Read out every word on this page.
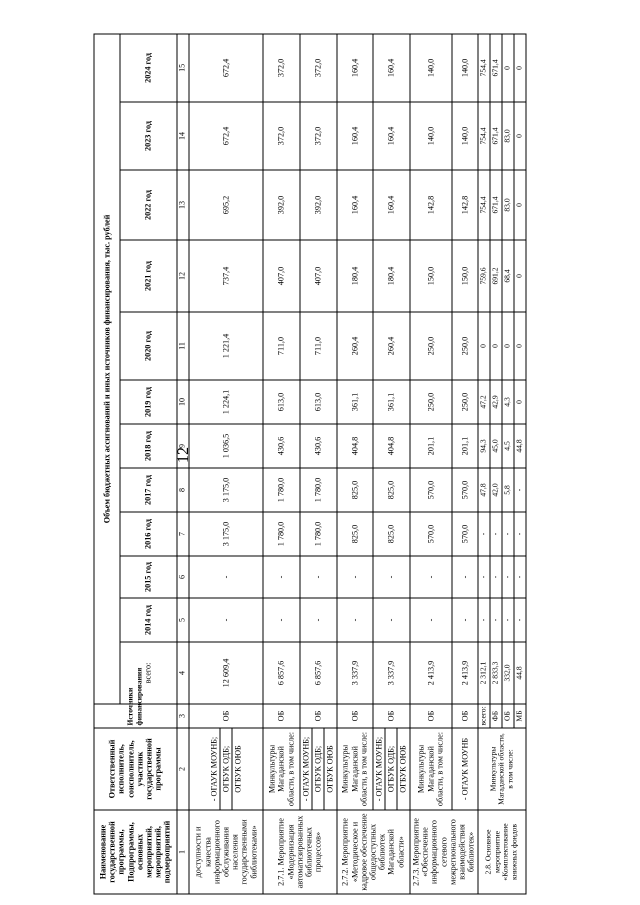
12
Наименование государственной программы, Подпрограммы, основных мероприятий, мероприятий, подмероприятий	Ответственный исполнитель, соисполнитель, участник государственной программы	Источники финансирования	Объем бюджетных ассигнований и иных источников финансирования, тыс. рублей											
			всего:	2014 год	2015 год	2016 год	2017 год	2018 год	2019 год	2020 год	2021 год	2022 год	2023 год	2024 год
1	2	3	4	5	6	7	8	9	10	11	12	13	14	15
доступности и качества информационного обслуживания населения государственными библиотеками»	- ОГАУК МОУНБ; ОГБУК ОДБ; ОГБУК ОЮБ	ОБ	12 609,4	-	-	3 175,0	3 175,0	1 036,5	1 224,1	1 221,4	737,4	695,2	672,4	672,4
2.7.1. Мероприятие «Модернизация автоматизированных библиотечных процессов»	Минкультуры Магаданской области, в том числе:	ОБ	6 857,6	-	-	1 780,0	1 780,0	430,6	613,0	711,0	407,0	392,0	372,0	372,0

	- ОГАУК МОУНБ; ОГБУК ОДБ; ОГБУК ОЮБ	ОБ	6 857,6	-	-	1 780,0	1 780,0	430,6	613,0	711,0	407,0	392,0	372,0	372,0
2.7.2. Мероприятие «Методическое и кадровое обеспечение общедоступных библиотек Магаданской области»	Минкультуры Магаданской области, в том числе:	ОБ	3 337,9	-	-	825,0	825,0	404,8	361,1	260,4	180,4	160,4	160,4	160,4

	- ОГАУК МОУНБ; ОГБУК ОДБ; ОГБУК ОЮБ	ОБ	3 337,9	-	-	825,0	825,0	404,8	361,1	260,4	180,4	160,4	160,4	160,4
2.7.3. Мероприятие «Обеспечение информационного сетевого межрегионального взаимодействия библиотек»	Минкультуры Магаданской области, в том числе:	ОБ	2 413,9	-	-	570,0	570,0	201,1	250,0	250,0	150,0	142,8	140,0	140,0
	- ОГАУК МОУНБ	ОБ	2 413,9	-	-	570,0	570,0	201,1	250,0	250,0	150,0	142,8	140,0	140,0
2.8. Основное мероприятие «Комплектование книжных фондов	Минкультуры Магаданской области, в том числе:	всего:	2 312,1	-	-	-	47,8	94,3	47,2	0	759,6	754,4	754,4	754,4
		ФБ	2 833,3	-	-	-	42,0	45,0	42,9	0	691,2	671,4	671,4	671,4
		ОБ	332,0	-	-	-	5,8	4,5	4,3	0	68,4	83,0	83,0	0
		МБ	44,8	-	-	-	-	44,8	0	0	0	0	0	0
